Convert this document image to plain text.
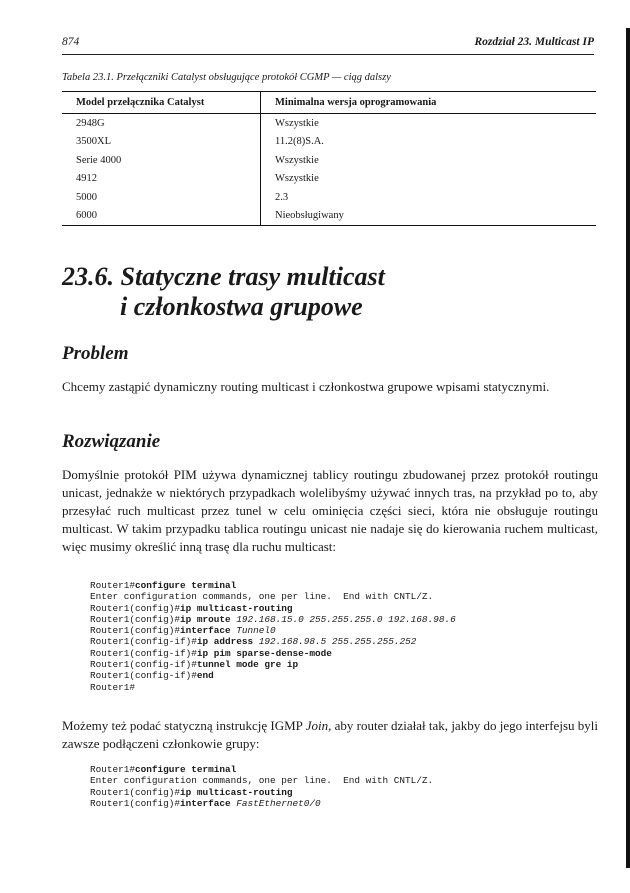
874	Rozdział 23. Multicast IP
Tabela 23.1. Przełączniki Catalyst obsługujące protokół CGMP — ciąg dalszy
Model przełącznika Catalyst	Minimalna wersja oprogramowania
2948G	Wszystkie
3500XL	11.2(8)S.A.
Serie 4000	Wszystkie
4912	Wszystkie
5000	2.3
6000	Nieobsługiwany
23.6. Statyczne trasy multicast
i członkostwa grupowe
Problem

Chcemy zastąpić dynamiczny routing multicast i członkostwa grupowe wpisami statycznymi.

Rozwiązanie

Domyślnie protokół PIM używa dynamicznej tablicy routingu zbudowanej przez protokół routingu unicast, jednakże w niektórych przypadkach wolelibyśmy używać innych tras, na przykład po to, aby przesyłać ruch multicast przez tunel w celu ominięcia części sieci, która nie obsługuje routingu multicast. W takim przypadku tablica routingu unicast nie nadaje się do kierowania ruchem multicast, więc musimy określić inną trasę dla ruchu multicast:

Router1#configure terminal
Enter configuration commands, one per line.  End with CNTL/Z.
Router1(config)#ip multicast-routing
Router1(config)#ip mroute 192.168.15.0 255.255.255.0 192.168.98.6
Router1(config)#interface Tunnel0
Router1(config-if)#ip address 192.168.98.5 255.255.255.252
Router1(config-if)#ip pim sparse-dense-mode
Router1(config-if)#tunnel mode gre ip
Router1(config-if)#end
Router1#

Możemy też podać statyczną instrukcję IGMP Join, aby router działał tak, jakby do jego interfejsu byli zawsze podłączeni członkowie grupy:

Router1#configure terminal
Enter configuration commands, one per line.  End with CNTL/Z.
Router1(config)#ip multicast-routing
Router1(config)#interface FastEthernet0/0
